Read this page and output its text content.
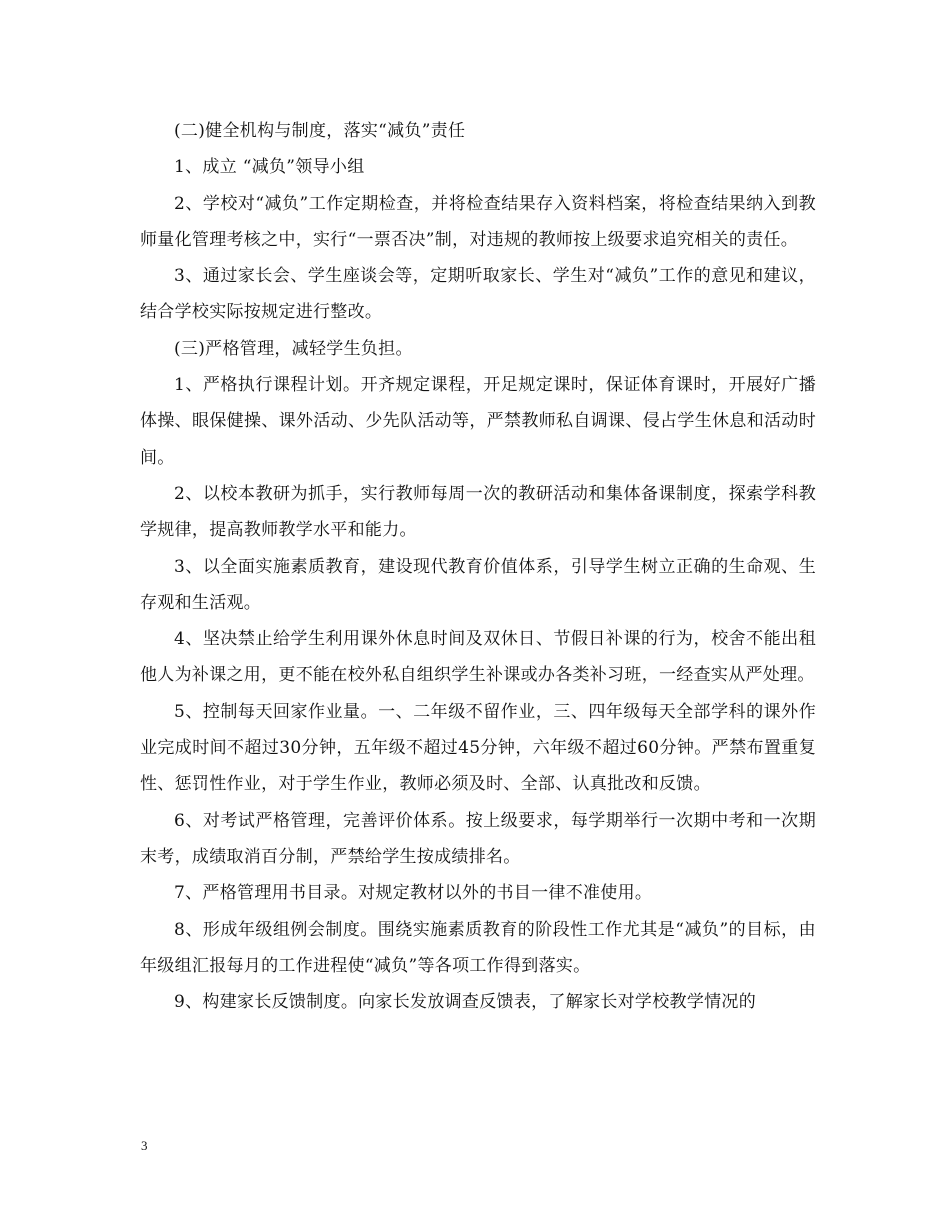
(二)健全机构与制度，落实“减负”责任

1、成立 “减负”领导小组

2、学校对“减负”工作定期检查，并将检查结果存入资料档案，将检查结果纳入到教师量化管理考核之中，实行“一票否决”制，对违规的教师按上级要求追究相关的责任。

3、通过家长会、学生座谈会等，定期听取家长、学生对“减负”工作的意见和建议，结合学校实际按规定进行整改。

(三)严格管理，减轻学生负担。

1、严格执行课程计划。开齐规定课程，开足规定课时，保证体育课时，开展好广播体操、眼保健操、课外活动、少先队活动等，严禁教师私自调课、侵占学生休息和活动时间。

2、以校本教研为抓手，实行教师每周一次的教研活动和集体备课制度，探索学科教学规律，提高教师教学水平和能力。

3、以全面实施素质教育，建设现代教育价值体系，引导学生树立正确的生命观、生存观和生活观。

4、坚决禁止给学生利用课外休息时间及双休日、节假日补课的行为，校舍不能出租他人为补课之用，更不能在校外私自组织学生补课或办各类补习班，一经查实从严处理。

5、控制每天回家作业量。一、二年级不留作业，三、四年级每天全部学科的课外作业完成时间不超过30分钟，五年级不超过45分钟，六年级不超过60分钟。严禁布置重复性、惩罚性作业，对于学生作业，教师必须及时、全部、认真批改和反馈。

6、对考试严格管理，完善评价体系。按上级要求，每学期举行一次期中考和一次期末考，成绩取消百分制，严禁给学生按成绩排名。

7、严格管理用书目录。对规定教材以外的书目一律不准使用。

8、形成年级组例会制度。围绕实施素质教育的阶段性工作尤其是“减负”的目标，由年级组汇报每月的工作进程使“减负”等各项工作得到落实。

9、构建家长反馈制度。向家长发放调查反馈表，了解家长对学校教学情况的

3
